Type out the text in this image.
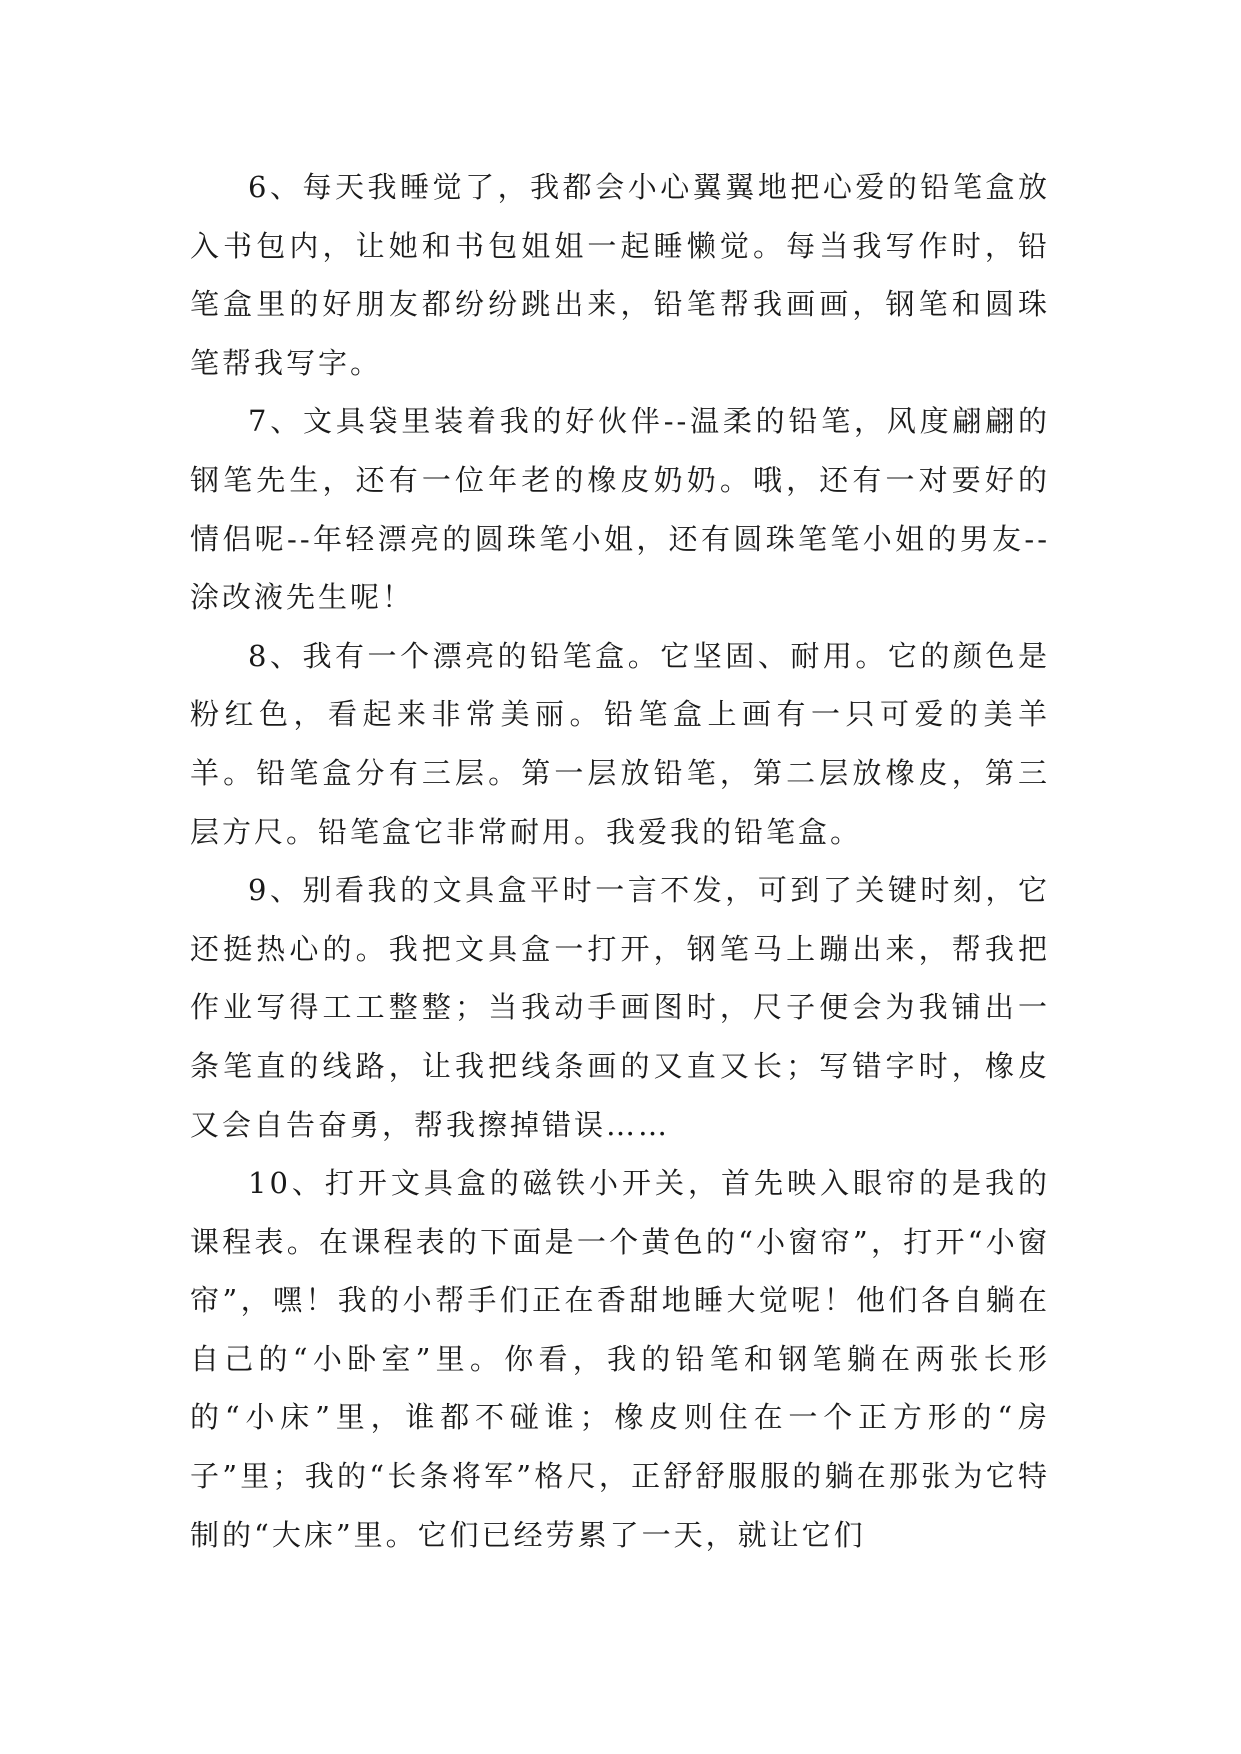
6、每天我睡觉了，我都会小心翼翼地把心爱的铅笔盒放入书包内，让她和书包姐姐一起睡懒觉。每当我写作时，铅笔盒里的好朋友都纷纷跳出来，铅笔帮我画画，钢笔和圆珠笔帮我写字。

7、文具袋里装着我的好伙伴--温柔的铅笔，风度翩翩的钢笔先生，还有一位年老的橡皮奶奶。哦，还有一对要好的情侣呢--年轻漂亮的圆珠笔小姐，还有圆珠笔笔小姐的男友--涂改液先生呢！

8、我有一个漂亮的铅笔盒。它坚固、耐用。它的颜色是粉红色，看起来非常美丽。铅笔盒上画有一只可爱的美羊羊。铅笔盒分有三层。第一层放铅笔，第二层放橡皮，第三层方尺。铅笔盒它非常耐用。我爱我的铅笔盒。

9、别看我的文具盒平时一言不发，可到了关键时刻，它还挺热心的。我把文具盒一打开，钢笔马上蹦出来，帮我把作业写得工工整整；当我动手画图时，尺子便会为我铺出一条笔直的线路，让我把线条画的又直又长；写错字时，橡皮又会自告奋勇，帮我擦掉错误……

10、打开文具盒的磁铁小开关，首先映入眼帘的是我的课程表。在课程表的下面是一个黄色的“小窗帘”，打开“小窗帘”，嘿！我的小帮手们正在香甜地睡大觉呢！他们各自躺在自己的“小卧室”里。你看，我的铅笔和钢笔躺在两张长形的“小床”里，谁都不碰谁；橡皮则住在一个正方形的“房子”里；我的“长条将军”格尺，正舒舒服服的躺在那张为它特制的“大床”里。它们已经劳累了一天，就让它们
